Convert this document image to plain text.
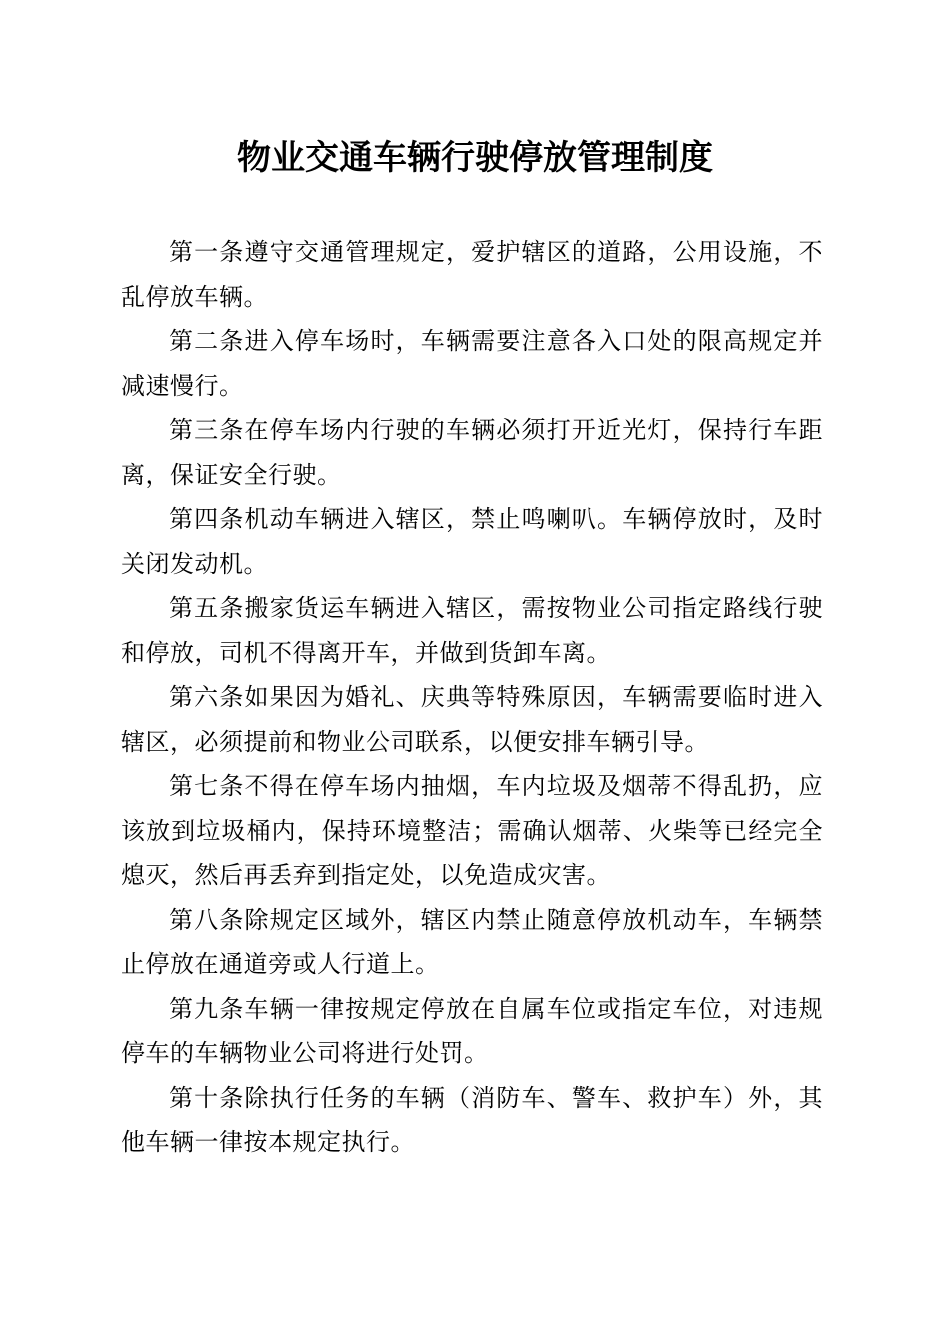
物业交通车辆行驶停放管理制度

第一条遵守交通管理规定，爱护辖区的道路，公用设施，不乱停放车辆。

第二条进入停车场时，车辆需要注意各入口处的限高规定并减速慢行。

第三条在停车场内行驶的车辆必须打开近光灯，保持行车距离，保证安全行驶。

第四条机动车辆进入辖区，禁止鸣喇叭。车辆停放时，及时关闭发动机。

第五条搬家货运车辆进入辖区，需按物业公司指定路线行驶和停放，司机不得离开车，并做到货卸车离。

第六条如果因为婚礼、庆典等特殊原因，车辆需要临时进入辖区，必须提前和物业公司联系，以便安排车辆引导。

第七条不得在停车场内抽烟，车内垃圾及烟蒂不得乱扔，应该放到垃圾桶内，保持环境整洁；需确认烟蒂、火柴等已经完全熄灭，然后再丢弃到指定处，以免造成灾害。

第八条除规定区域外，辖区内禁止随意停放机动车，车辆禁止停放在通道旁或人行道上。

第九条车辆一律按规定停放在自属车位或指定车位，对违规停车的车辆物业公司将进行处罚。

第十条除执行任务的车辆（消防车、警车、救护车）外，其他车辆一律按本规定执行。
